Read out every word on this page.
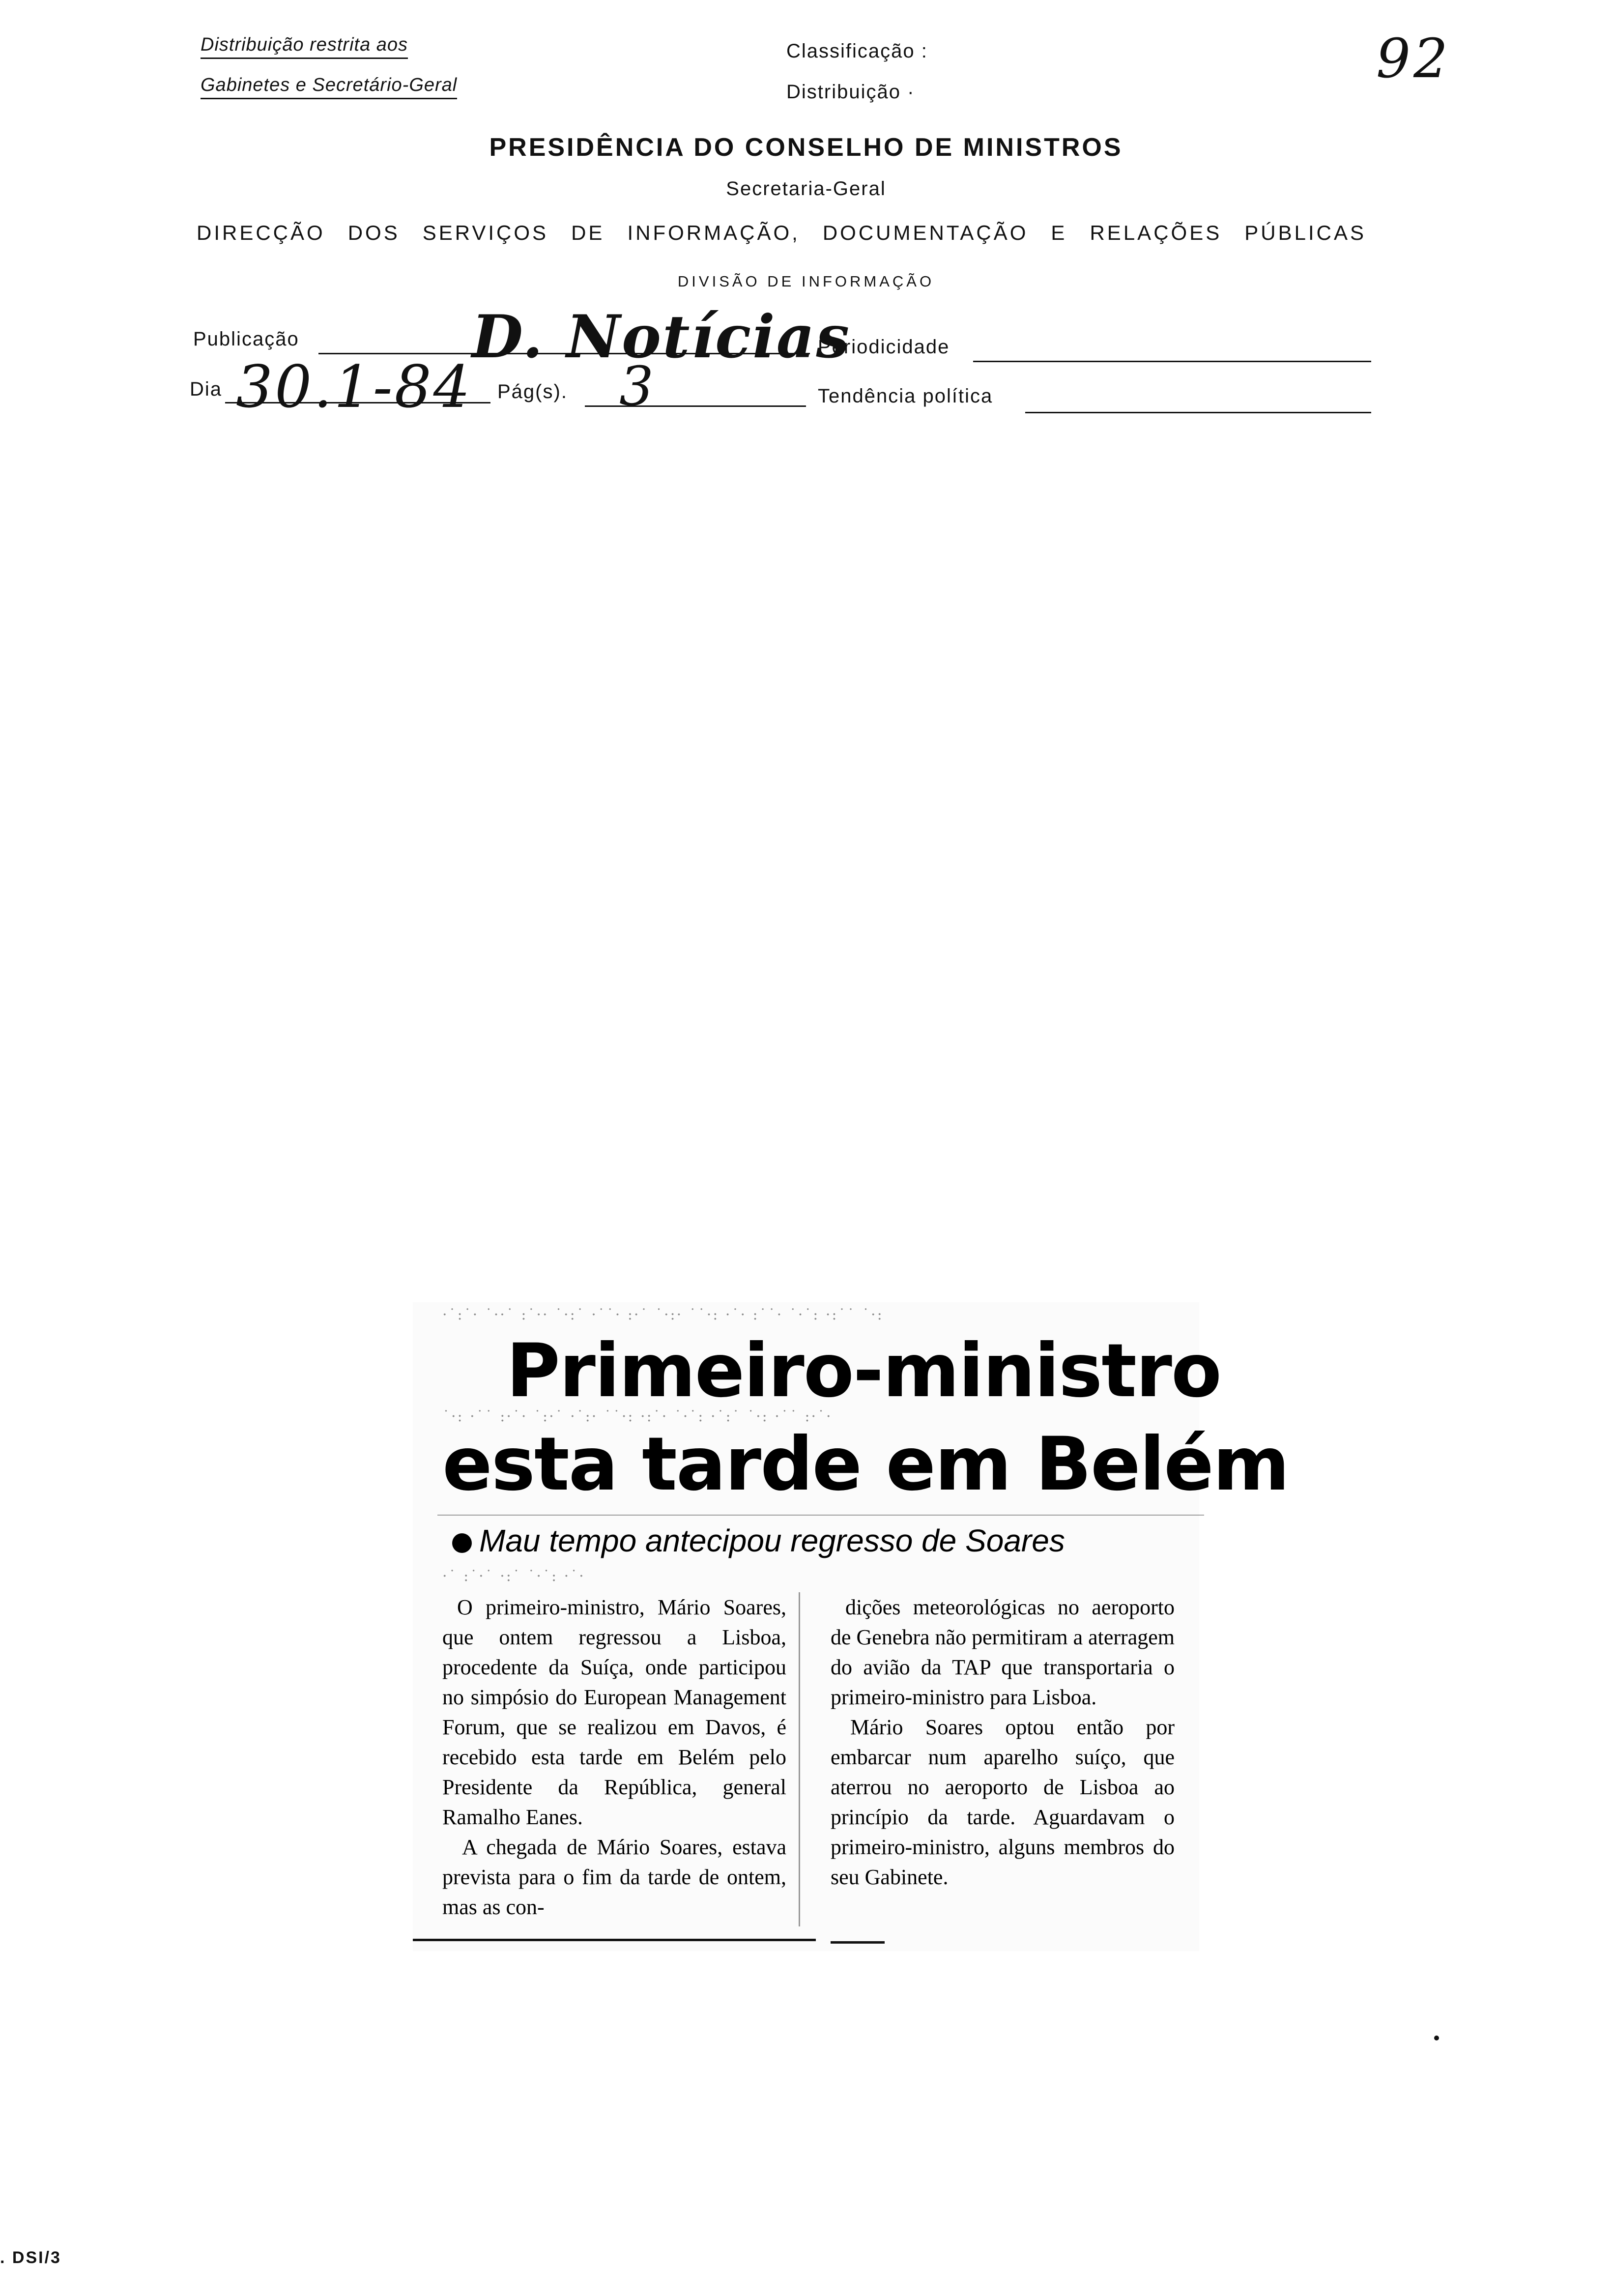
Distribuição restrita aos
Gabinetes e Secretário-Geral
Classificação :
Distribuição ·
92
PRESIDÊNCIA DO CONSELHO DE MINISTROS
Secretaria-Geral
DIRECÇÃO DOS SERVIÇOS DE INFORMAÇÃO, DOCUMENTAÇÃO E RELAÇÕES PÚBLICAS
DIVISÃO DE INFORMAÇÃO
Publicação	D. Notícias
Periodicidade
Dia 30.1-84 Pág(s). 3	Tendência política
·˙:˙· ˙··˙ :˙·· ˙·:˙ ·˙˙· :·˙ ˙·:· ˙˙·: ·˙· :˙˙· ˙·˙: ·:˙˙ ˙·:
Primeiro-ministro
˙·: ·˙˙ :·˙· ˙:·˙ ·˙:· ˙˙·: ·:˙· ˙·˙: ·˙:˙ ˙·: ·˙˙ :·˙·
esta tarde em Belém
Mau tempo antecipou regresso de Soares
·˙ :˙·˙ ·:˙ ˙·˙: ·˙·

O primeiro-ministro, Mário Soares, que ontem regressou a Lisboa, procedente da Suíça, onde participou no simpósio do European Management Forum, que se realizou em Davos, é recebido esta tarde em Belém pelo Presidente da República, general Ramalho Eanes.

A chegada de Mário Soares, estava prevista para o fim da tarde de ontem, mas as con-

dições meteorológicas no aeroporto de Genebra não permitiram a aterragem do avião da TAP que transportaria o primeiro-ministro para Lisboa.

Mário Soares optou então por embarcar num aparelho suíço, que aterrou no aeroporto de Lisboa ao princípio da tarde. Aguardavam o primeiro-ministro, alguns membros do seu Gabinete.

. DSI/3
